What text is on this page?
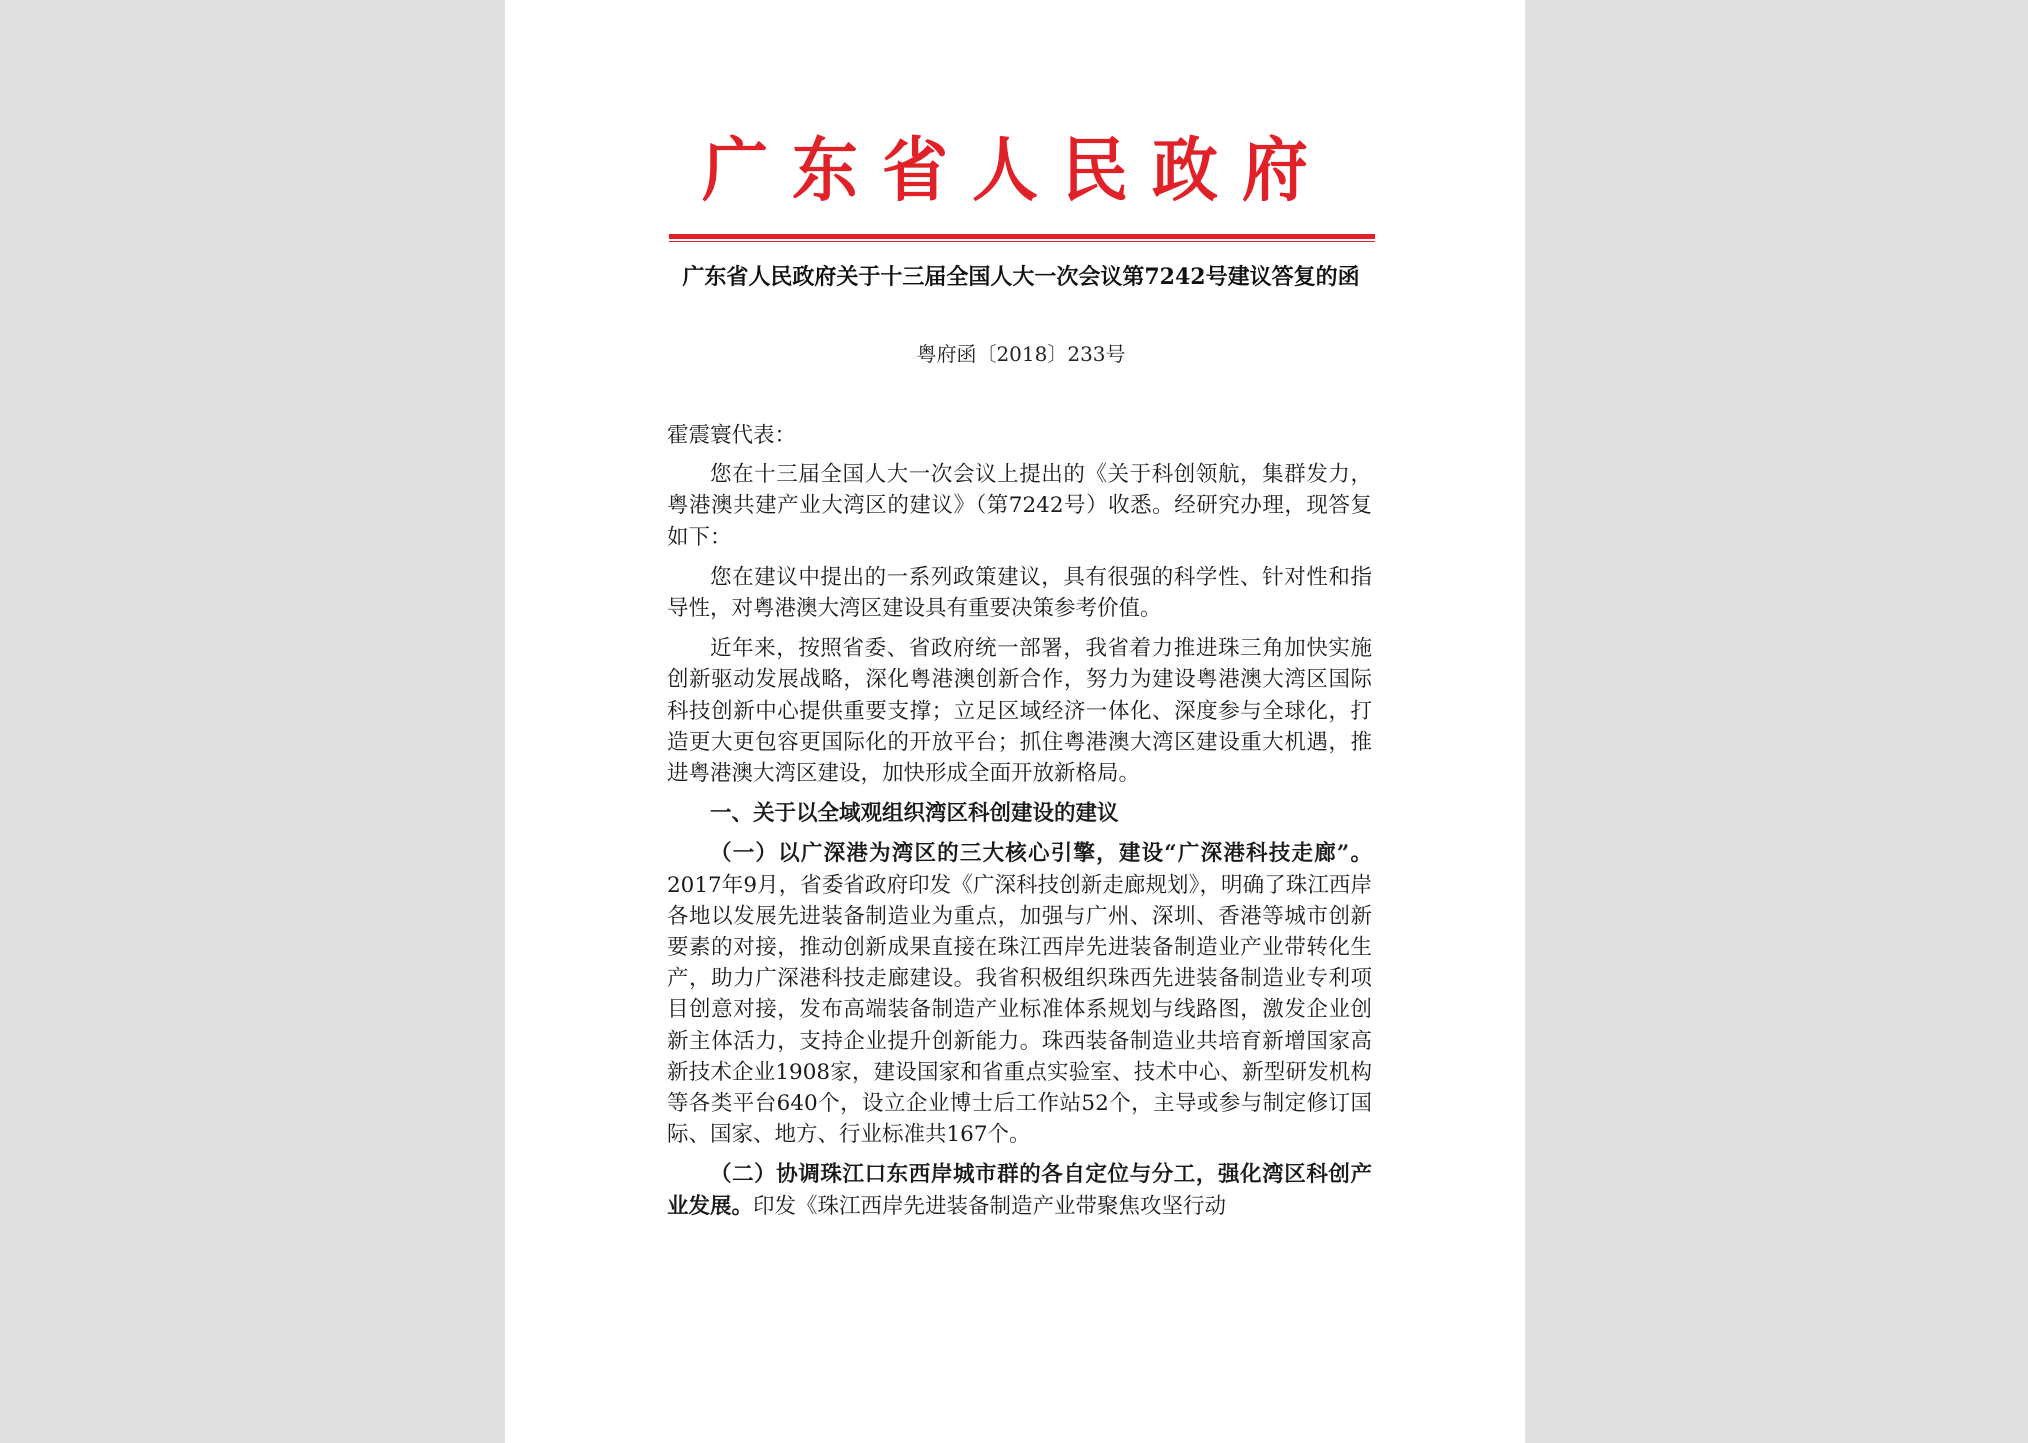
广东省人民政府
广东省人民政府关于十三届全国人大一次会议第7242号建议答复的函
粤府函〔2018〕233号

霍震寰代表：

您在十三届全国人大一次会议上提出的《关于科创领航，集群发力，粤港澳共建产业大湾区的建议》（第7242号）收悉。经研究办理，现答复如下：

您在建议中提出的一系列政策建议，具有很强的科学性、针对性和指导性，对粤港澳大湾区建设具有重要决策参考价值。

近年来，按照省委、省政府统一部署，我省着力推进珠三角加快实施创新驱动发展战略，深化粤港澳创新合作，努力为建设粤港澳大湾区国际科技创新中心提供重要支撑；立足区域经济一体化、深度参与全球化，打造更大更包容更国际化的开放平台；抓住粤港澳大湾区建设重大机遇，推进粤港澳大湾区建设，加快形成全面开放新格局。

一、关于以全域观组织湾区科创建设的建议

（一）以广深港为湾区的三大核心引擎，建设“广深港科技走廊”。2017年9月，省委省政府印发《广深科技创新走廊规划》，明确了珠江西岸各地以发展先进装备制造业为重点，加强与广州、深圳、香港等城市创新要素的对接，推动创新成果直接在珠江西岸先进装备制造业产业带转化生产，助力广深港科技走廊建设。我省积极组织珠西先进装备制造业专利项目创意对接，发布高端装备制造产业标准体系规划与线路图，激发企业创新主体活力，支持企业提升创新能力。珠西装备制造业共培育新增国家高新技术企业1908家，建设国家和省重点实验室、技术中心、新型研发机构等各类平台640个，设立企业博士后工作站52个，主导或参与制定修订国际、国家、地方、行业标准共167个。

（二）协调珠江口东西岸城市群的各自定位与分工，强化湾区科创产业发展。印发《珠江西岸先进装备制造产业带聚焦攻坚行动
